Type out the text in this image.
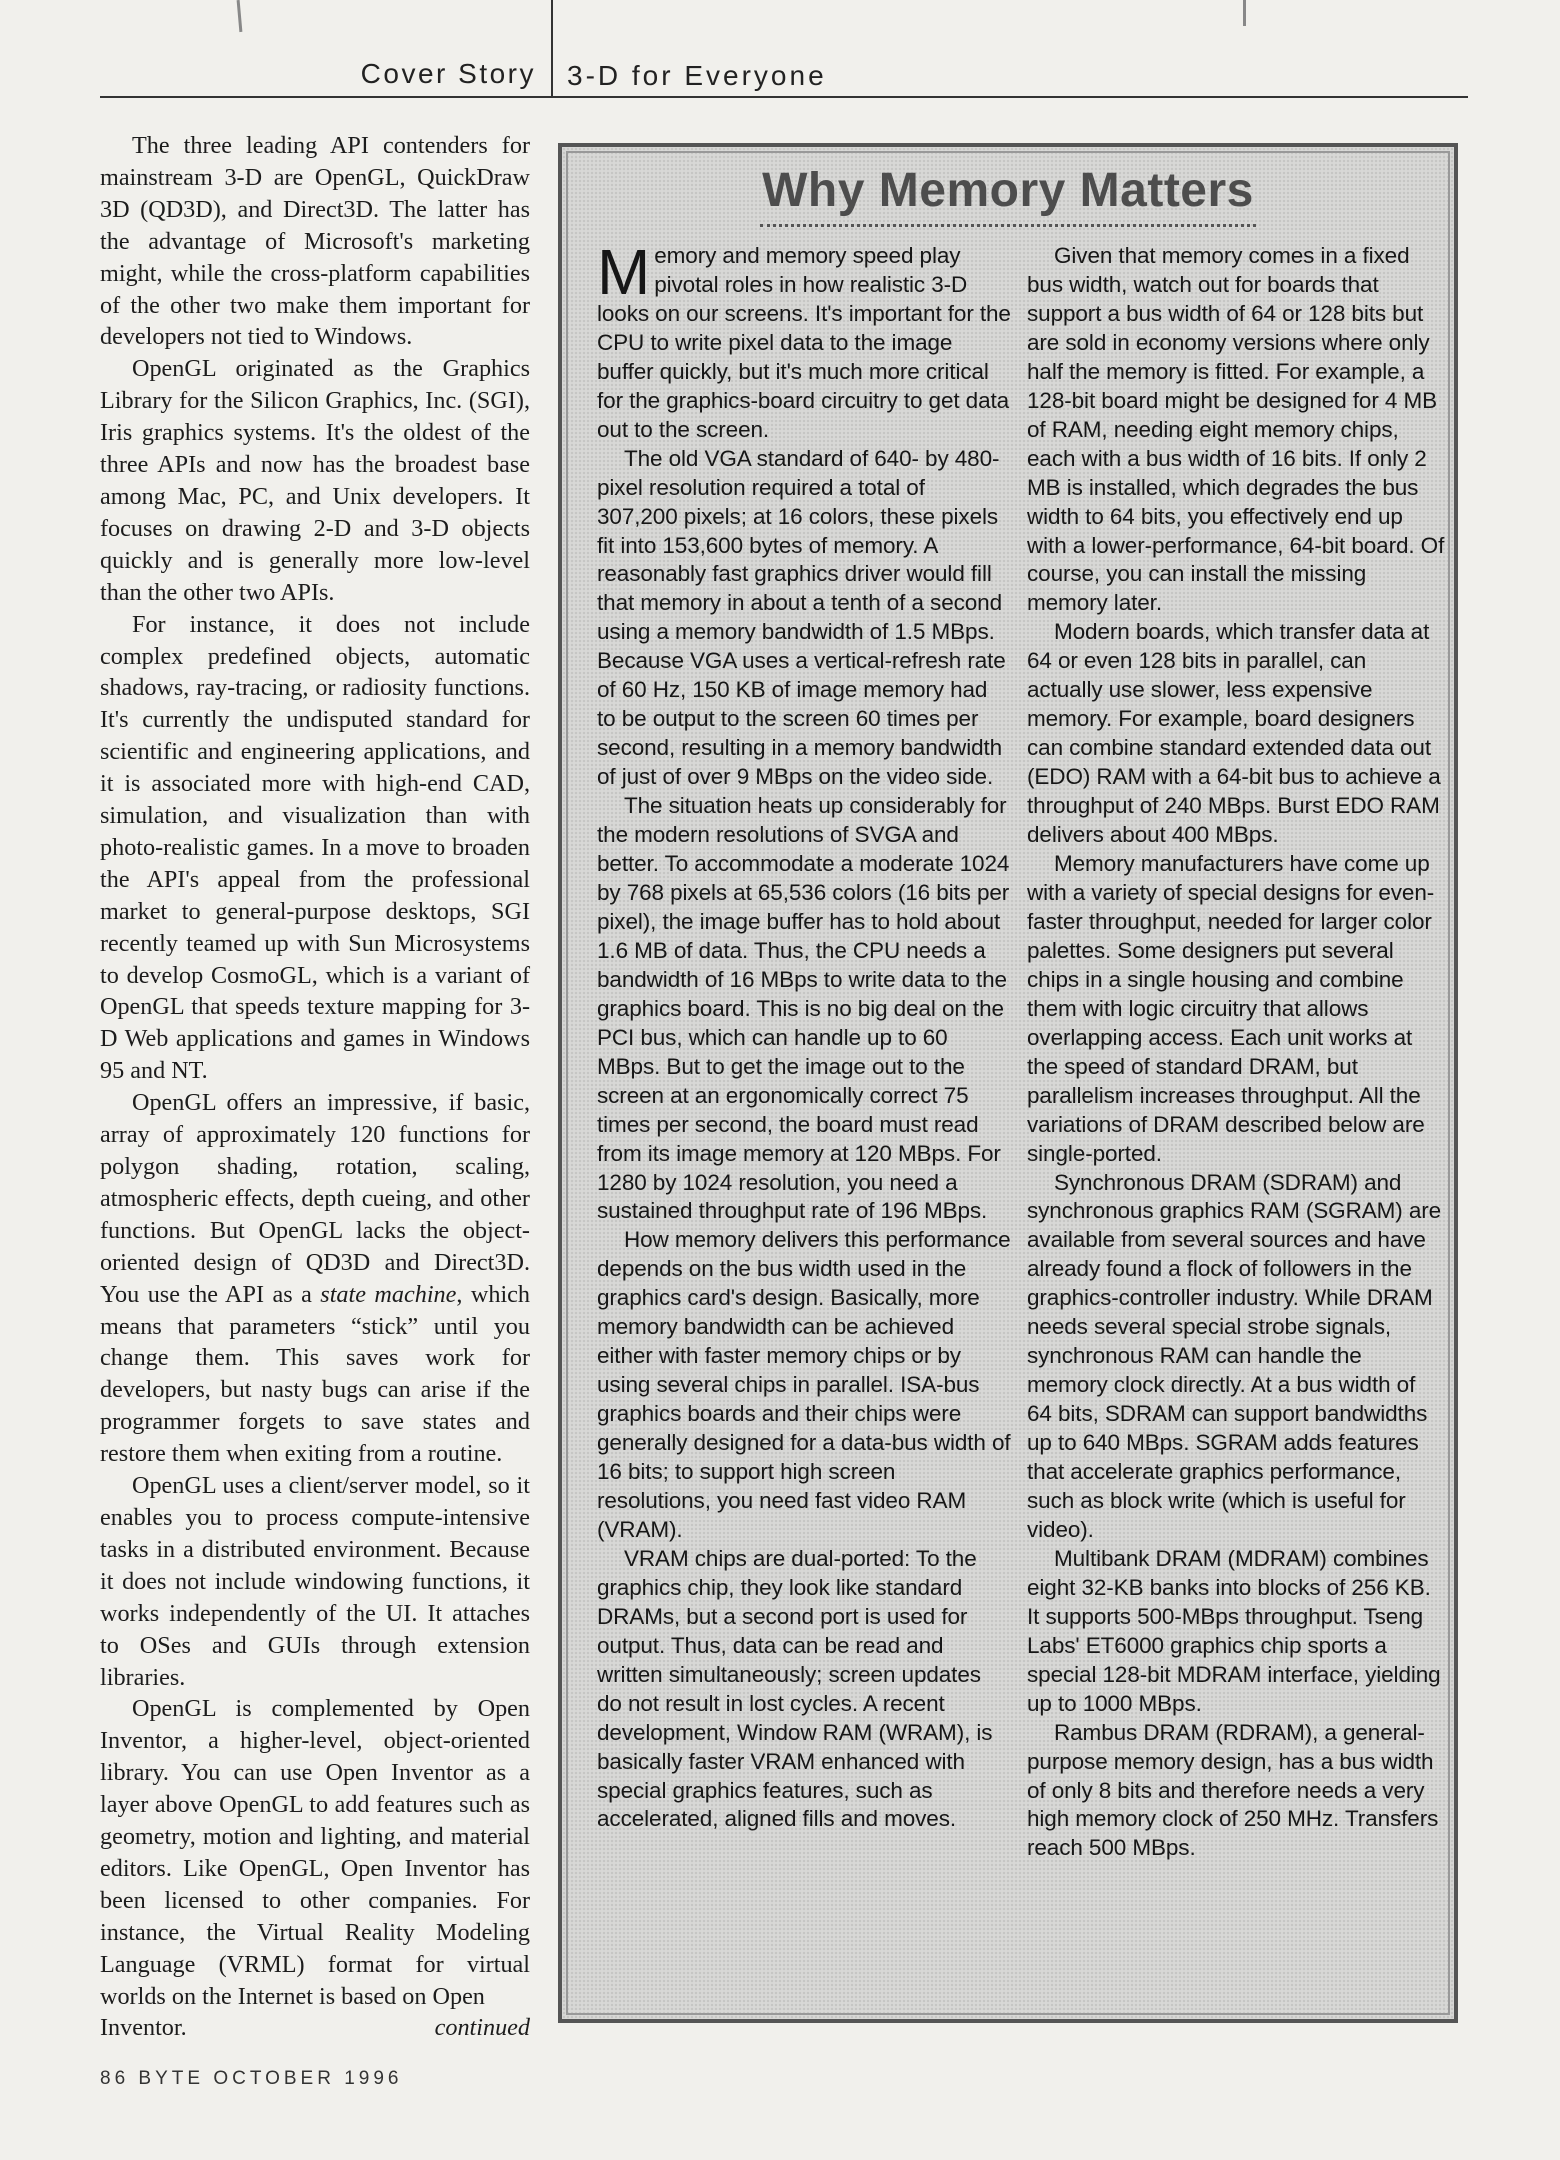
Cover Story 3-D for Everyone

The three leading API contenders for mainstream 3-D are OpenGL, QuickDraw 3D (QD3D), and Direct3D. The latter has the advantage of Microsoft's marketing might, while the cross-platform capabilities of the other two make them important for developers not tied to Windows.

OpenGL originated as the Graphics Library for the Silicon Graphics, Inc. (SGI), Iris graphics systems. It's the oldest of the three APIs and now has the broadest base among Mac, PC, and Unix developers. It focuses on drawing 2-D and 3-D objects quickly and is generally more low-level than the other two APIs.

For instance, it does not include complex predefined objects, automatic shadows, ray-tracing, or radiosity functions. It's currently the undisputed standard for scientific and engineering applications, and it is associated more with high-end CAD, simulation, and visualization than with photo-realistic games. In a move to broaden the API's appeal from the professional market to general-purpose desktops, SGI recently teamed up with Sun Microsystems to develop CosmoGL, which is a variant of OpenGL that speeds texture mapping for 3-D Web applications and games in Windows 95 and NT.

OpenGL offers an impressive, if basic, array of approximately 120 functions for polygon shading, rotation, scaling, atmospheric effects, depth cueing, and other functions. But OpenGL lacks the object-oriented design of QD3D and Direct3D. You use the API as a state machine, which means that parameters “stick” until you change them. This saves work for developers, but nasty bugs can arise if the programmer forgets to save states and restore them when exiting from a routine.

OpenGL uses a client/server model, so it enables you to process compute-intensive tasks in a distributed environment. Because it does not include windowing functions, it works independently of the UI. It attaches to OSes and GUIs through extension libraries.

OpenGL is complemented by Open Inventor, a higher-level, object-oriented library. You can use Open Inventor as a layer above OpenGL to add features such as geometry, motion and lighting, and material editors. Like OpenGL, Open Inventor has been licensed to other companies. For instance, the Virtual Reality Modeling Language (VRML) format for virtual worlds on the Internet is based on Open

Inventor.	continued
Why Memory Matters

Memory and memory speed play pivotal roles in how realistic 3-D looks on our screens. It's important for the CPU to write pixel data to the image buffer quickly, but it's much more critical for the graphics-board circuitry to get data out to the screen.

The old VGA standard of 640- by 480-pixel resolution required a total of 307,200 pixels; at 16 colors, these pixels fit into 153,600 bytes of memory. A reasonably fast graphics driver would fill that memory in about a tenth of a second using a memory bandwidth of 1.5 MBps. Because VGA uses a vertical-refresh rate of 60 Hz, 150 KB of image memory had to be output to the screen 60 times per second, resulting in a memory bandwidth of just of over 9 MBps on the video side.

The situation heats up considerably for the modern resolutions of SVGA and better. To accommodate a moderate 1024 by 768 pixels at 65,536 colors (16 bits per pixel), the image buffer has to hold about 1.6 MB of data. Thus, the CPU needs a bandwidth of 16 MBps to write data to the graphics board. This is no big deal on the PCI bus, which can handle up to 60 MBps. But to get the image out to the screen at an ergonomically correct 75 times per second, the board must read from its image memory at 120 MBps. For 1280 by 1024 resolution, you need a sustained throughput rate of 196 MBps.

How memory delivers this performance depends on the bus width used in the graphics card's design. Basically, more memory bandwidth can be achieved either with faster memory chips or by using several chips in parallel. ISA-bus graphics boards and their chips were generally designed for a data-bus width of 16 bits; to support high screen resolutions, you need fast video RAM (VRAM).

VRAM chips are dual-ported: To the graphics chip, they look like standard DRAMs, but a second port is used for output. Thus, data can be read and written simultaneously; screen updates do not result in lost cycles. A recent development, Window RAM (WRAM), is basically faster VRAM enhanced with special graphics features, such as accelerated, aligned fills and moves.

Given that memory comes in a fixed bus width, watch out for boards that support a bus width of 64 or 128 bits but are sold in economy versions where only half the memory is fitted. For example, a 128-bit board might be designed for 4 MB of RAM, needing eight memory chips, each with a bus width of 16 bits. If only 2 MB is installed, which degrades the bus width to 64 bits, you effectively end up with a lower-performance, 64-bit board. Of course, you can install the missing memory later.

Modern boards, which transfer data at 64 or even 128 bits in parallel, can actually use slower, less expensive memory. For example, board designers can combine standard extended data out (EDO) RAM with a 64-bit bus to achieve a throughput of 240 MBps. Burst EDO RAM delivers about 400 MBps.

Memory manufacturers have come up with a variety of special designs for even-faster throughput, needed for larger color palettes. Some designers put several chips in a single housing and combine them with logic circuitry that allows overlapping access. Each unit works at the speed of standard DRAM, but parallelism increases throughput. All the variations of DRAM described below are single-ported.

Synchronous DRAM (SDRAM) and synchronous graphics RAM (SGRAM) are available from several sources and have already found a flock of followers in the graphics-controller industry. While DRAM needs several special strobe signals, synchronous RAM can handle the memory clock directly. At a bus width of 64 bits, SDRAM can support bandwidths up to 640 MBps. SGRAM adds features that accelerate graphics performance, such as block write (which is useful for video).

Multibank DRAM (MDRAM) combines eight 32-KB banks into blocks of 256 KB. It supports 500-MBps throughput. Tseng Labs' ET6000 graphics chip sports a special 128-bit MDRAM interface, yielding up to 1000 MBps.

Rambus DRAM (RDRAM), a general-purpose memory design, has a bus width of only 8 bits and therefore needs a very high memory clock of 250 MHz. Transfers reach 500 MBps.

86 BYTE OCTOBER 1996
